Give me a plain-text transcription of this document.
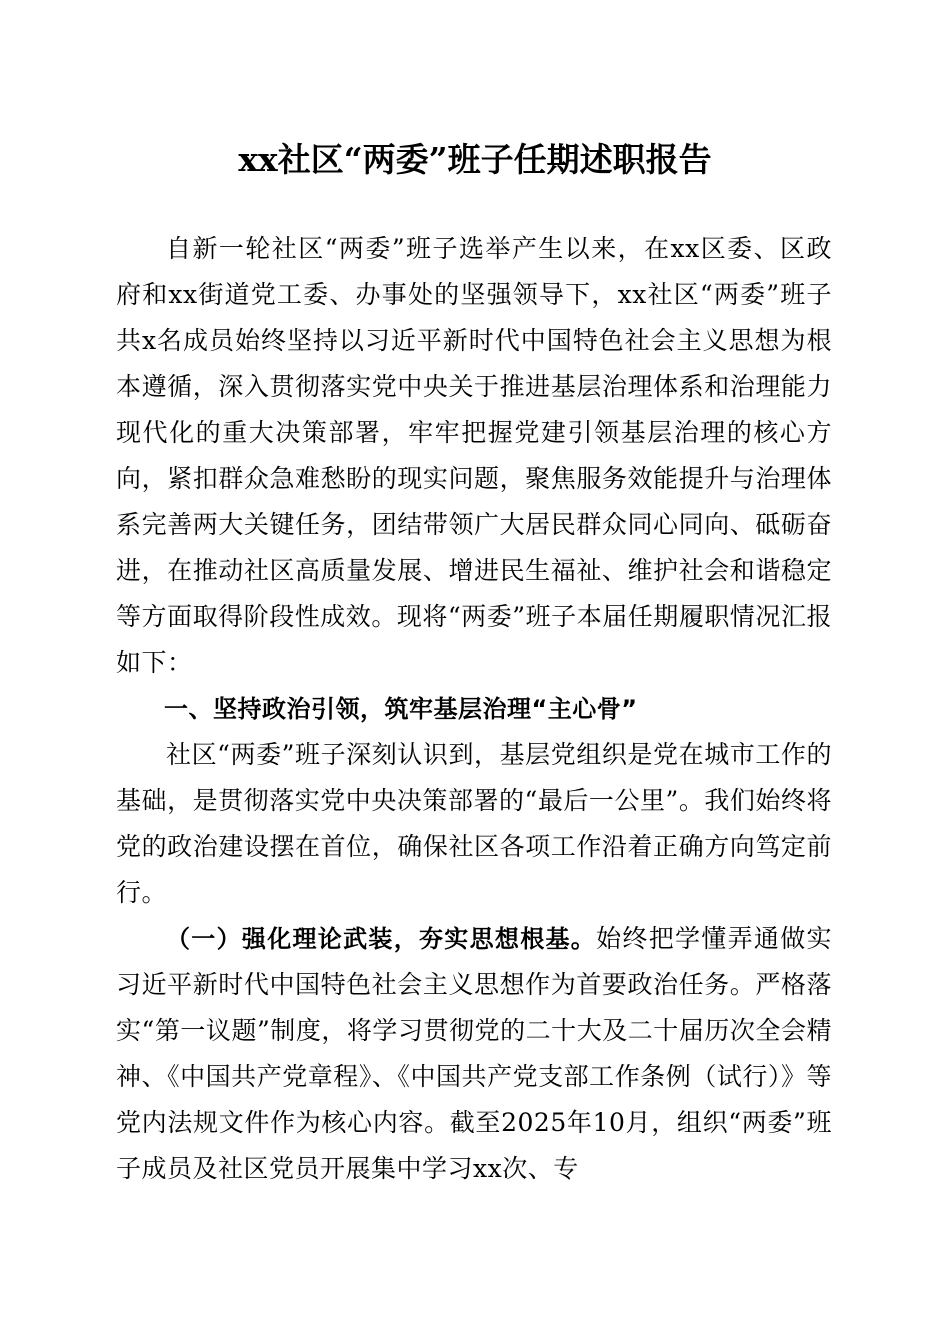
xx社区“两委”班子任期述职报告

自新一轮社区“两委”班子选举产生以来，在xx区委、区政府和xx街道党工委、办事处的坚强领导下，xx社区“两委”班子共x名成员始终坚持以习近平新时代中国特色社会主义思想为根本遵循，深入贯彻落实党中央关于推进基层治理体系和治理能力现代化的重大决策部署，牢牢把握党建引领基层治理的核心方向，紧扣群众急难愁盼的现实问题，聚焦服务效能提升与治理体系完善两大关键任务，团结带领广大居民群众同心同向、砥砺奋进，在推动社区高质量发展、增进民生福祉、维护社会和谐稳定等方面取得阶段性成效。现将“两委”班子本届任期履职情况汇报如下：

一、坚持政治引领，筑牢基层治理“主心骨”

社区“两委”班子深刻认识到，基层党组织是党在城市工作的基础，是贯彻落实党中央决策部署的“最后一公里”。我们始终将党的政治建设摆在首位，确保社区各项工作沿着正确方向笃定前行。

（一）强化理论武装，夯实思想根基。始终把学懂弄通做实习近平新时代中国特色社会主义思想作为首要政治任务。严格落实“第一议题”制度，将学习贯彻党的二十大及二十届历次全会精神、《中国共产党章程》、《中国共产党支部工作条例（试行）》等党内法规文件作为核心内容。截至2025年10月，组织“两委”班子成员及社区党员开展集中学习xx次、专
